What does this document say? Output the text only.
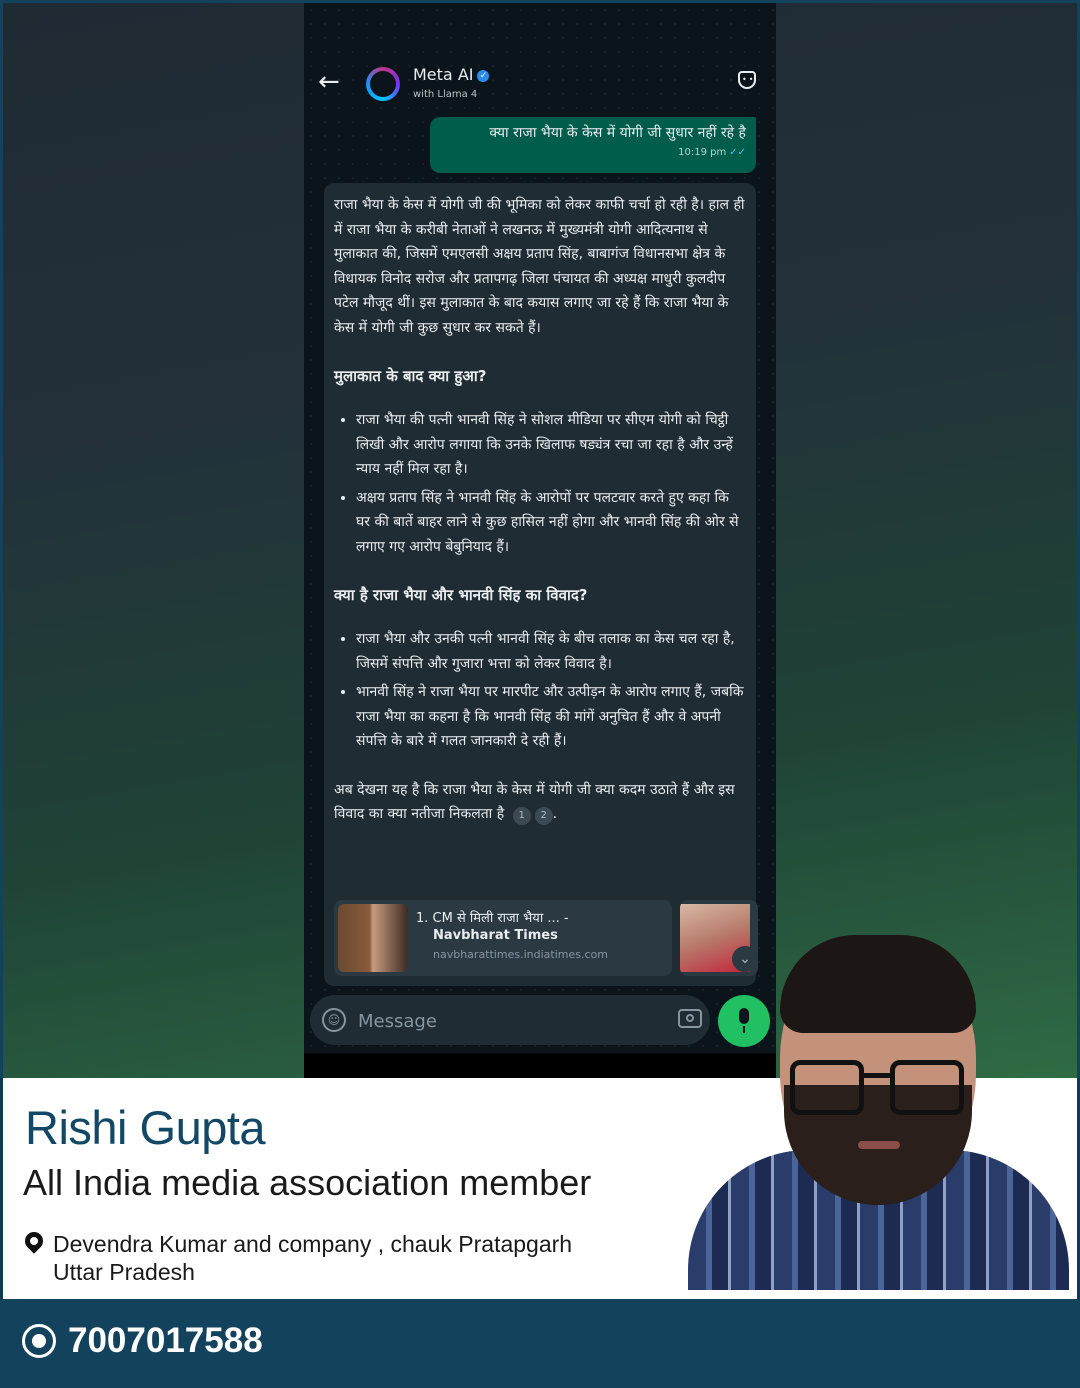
←	Meta AI ✓
with Llama 4
••
क्या राजा भैया के केस में योगी जी सुधार नहीं रहे है
10:19 pm ✓✓

राजा भैया के केस में योगी जी की भूमिका को लेकर काफी चर्चा हो रही है। हाल ही में राजा भैया के करीबी नेताओं ने लखनऊ में मुख्यमंत्री योगी आदित्यनाथ से मुलाकात की, जिसमें एमएलसी अक्षय प्रताप सिंह, बाबागंज विधानसभा क्षेत्र के विधायक विनोद सरोज और प्रतापगढ़ जिला पंचायत की अध्यक्ष माधुरी कुलदीप पटेल मौजूद थीं। इस मुलाकात के बाद कयास लगाए जा रहे हैं कि राजा भैया के केस में योगी जी कुछ सुधार कर सकते हैं।

मुलाकात के बाद क्या हुआ?
• राजा भैया की पत्नी भानवी सिंह ने सोशल मीडिया पर सीएम योगी को चिट्ठी लिखी और आरोप लगाया कि उनके खिलाफ षड्यंत्र रचा जा रहा है और उन्हें न्याय नहीं मिल रहा है।
• अक्षय प्रताप सिंह ने भानवी सिंह के आरोपों पर पलटवार करते हुए कहा कि घर की बातें बाहर लाने से कुछ हासिल नहीं होगा और भानवी सिंह की ओर से लगाए गए आरोप बेबुनियाद हैं।
क्या है राजा भैया और भानवी सिंह का विवाद?
• राजा भैया और उनकी पत्नी भानवी सिंह के बीच तलाक का केस चल रहा है, जिसमें संपत्ति और गुजारा भत्ता को लेकर विवाद है।
• भानवी सिंह ने राजा भैया पर मारपीट और उत्पीड़न के आरोप लगाए हैं, जबकि राजा भैया का कहना है कि भानवी सिंह की मांगें अनुचित हैं और वे अपनी संपत्ति के बारे में गलत जानकारी दे रही हैं।

अब देखना यह है कि राजा भैया के केस में योगी जी क्या कदम उठाते हैं और इस विवाद का क्या नतीजा निकलता है 1 2 .

1. CM से मिली राजा भैया ... -
Navbharat Times
navbharattimes.indiatimes.com	⌄
☺
Message
Rishi Gupta
All India media association member
Devendra Kumar and company , chauk Pratapgarh
Uttar Pradesh
7007017588
